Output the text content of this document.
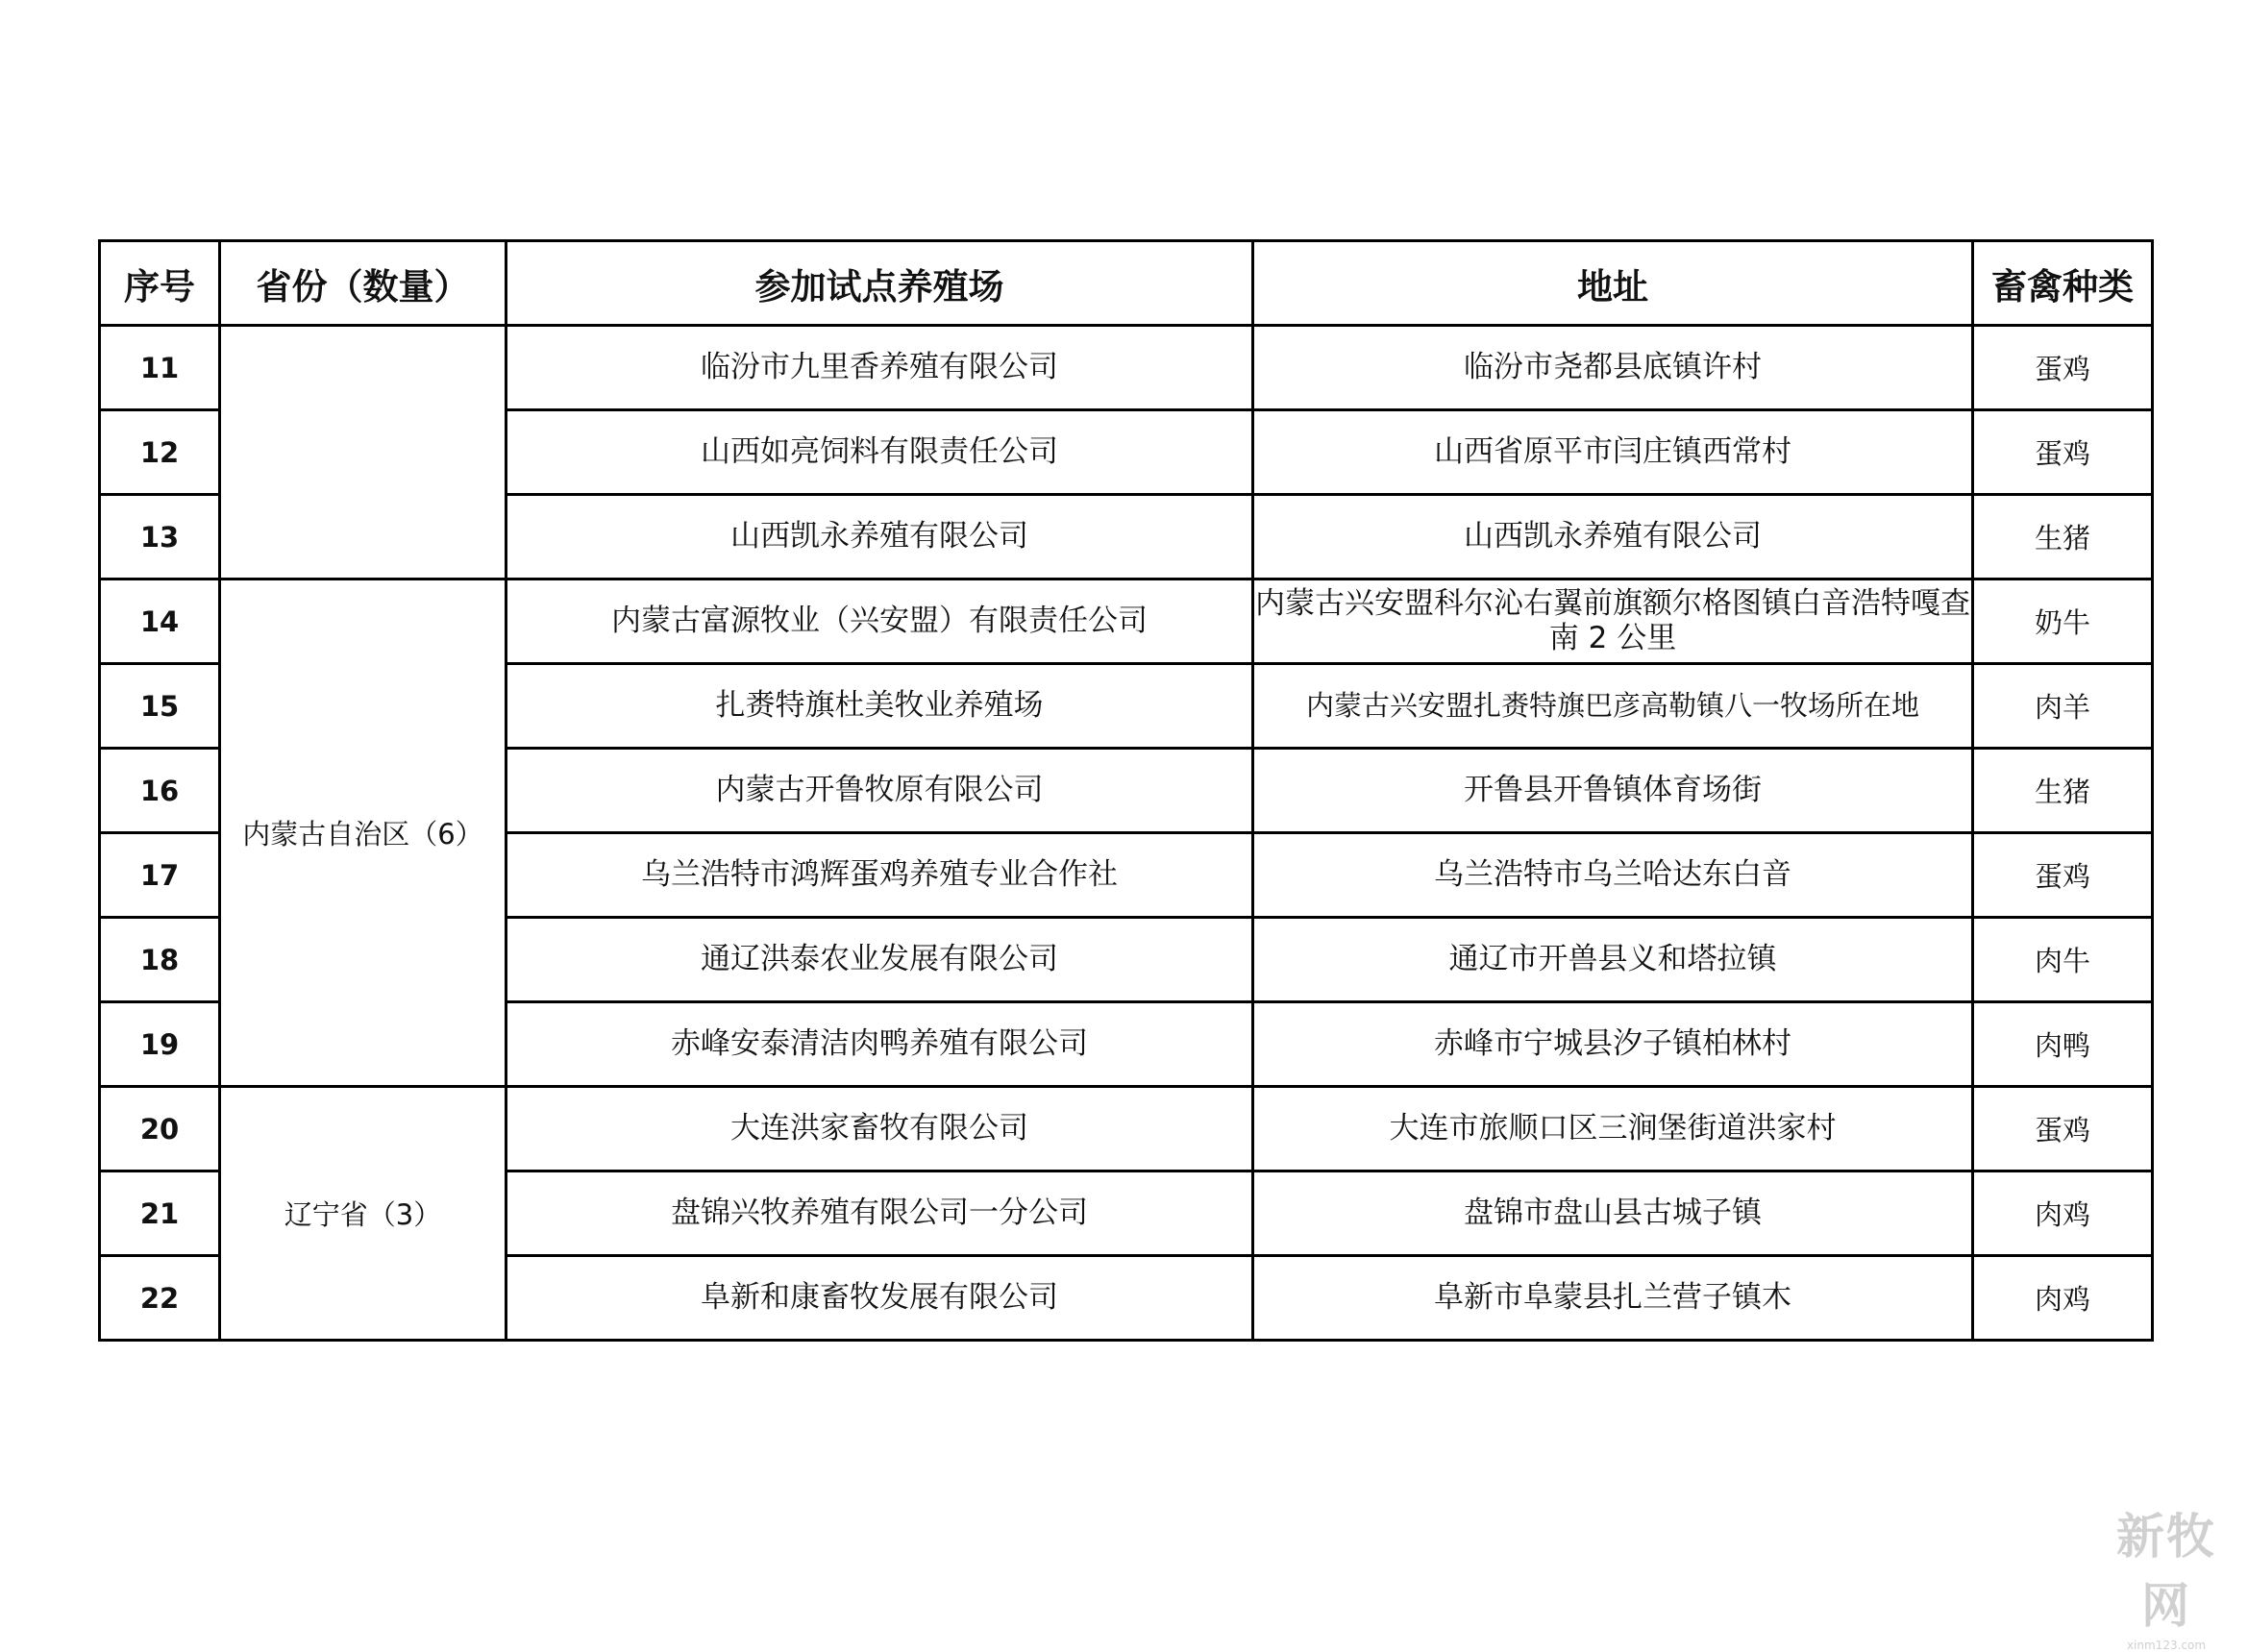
序号	省份（数量）	参加试点养殖场	地址	畜禽种类
11		临汾市九里香养殖有限公司	临汾市尧都县底镇许村	蛋鸡
12		山西如亮饲料有限责任公司	山西省原平市闫庄镇西常村	蛋鸡
13		山西凯永养殖有限公司	山西凯永养殖有限公司	生猪
14	内蒙古自治区（6）	内蒙古富源牧业（兴安盟）有限责任公司	内蒙古兴安盟科尔沁右翼前旗额尔格图镇白音浩特嘎查南 2 公里	奶牛
15		扎赉特旗杜美牧业养殖场	内蒙古兴安盟扎赉特旗巴彦高勒镇八一牧场所在地	肉羊
16		内蒙古开鲁牧原有限公司	开鲁县开鲁镇体育场街	生猪
17		乌兰浩特市鸿辉蛋鸡养殖专业合作社	乌兰浩特市乌兰哈达东白音	蛋鸡
18		通辽洪泰农业发展有限公司	通辽市开兽县义和塔拉镇	肉牛
19		赤峰安泰清洁肉鸭养殖有限公司	赤峰市宁城县汐子镇柏林村	肉鸭
20	辽宁省（3）	大连洪家畜牧有限公司	大连市旅顺口区三涧堡街道洪家村	蛋鸡
21		盘锦兴牧养殖有限公司一分公司	盘锦市盘山县古城子镇	肉鸡
22		阜新和康畜牧发展有限公司	阜新市阜蒙县扎兰营子镇木	肉鸡
新牧网
xinm123.com
